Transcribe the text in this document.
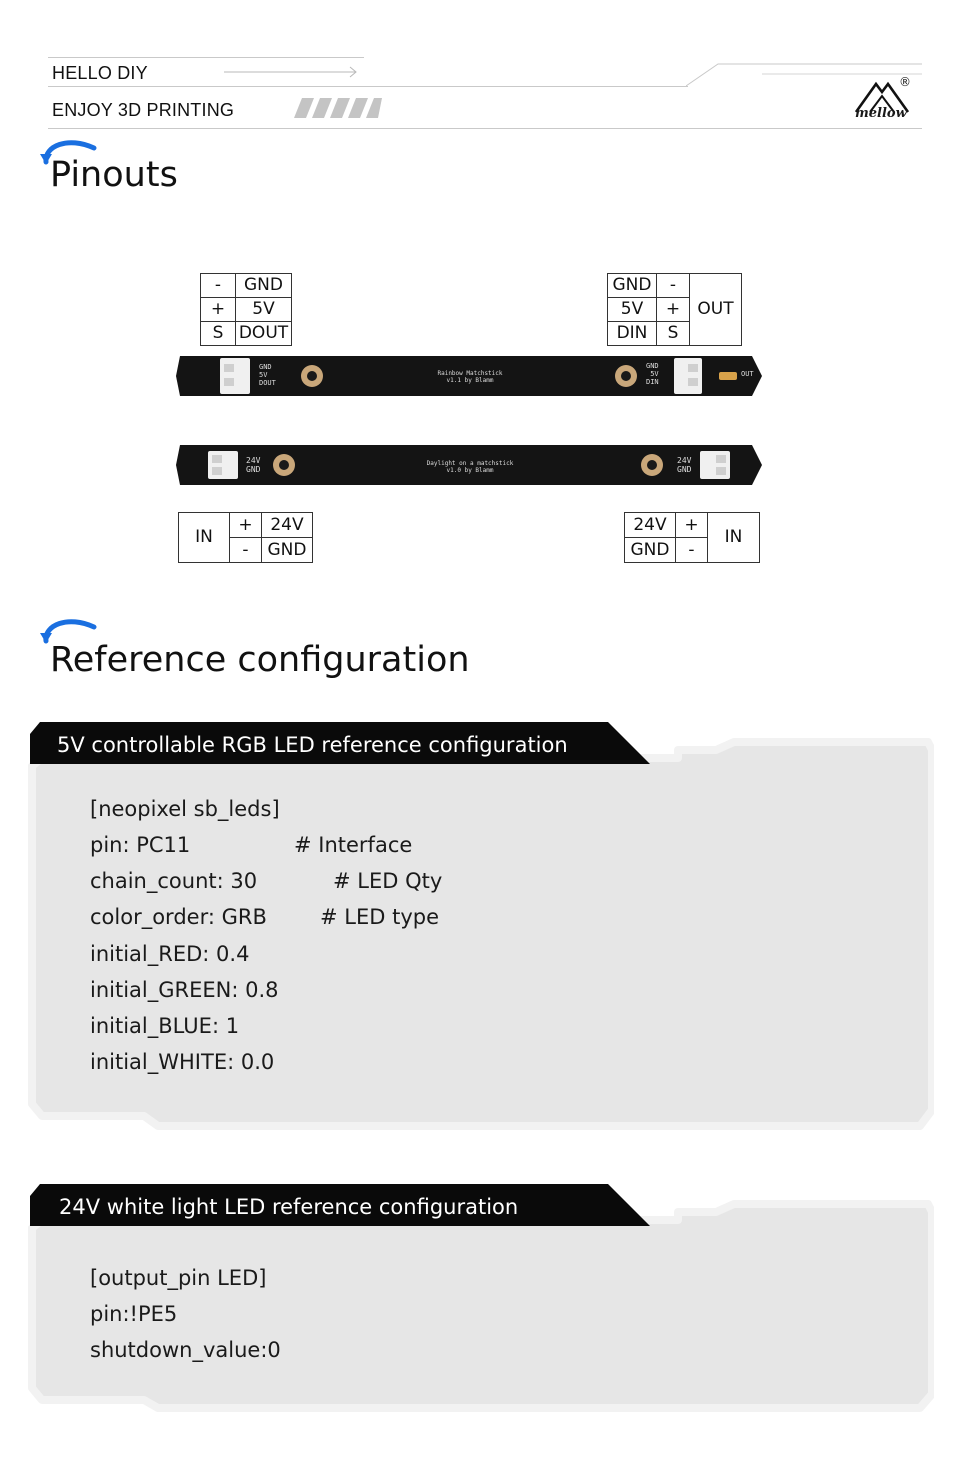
HELLO DIY
ENJOY 3D PRINTING
®
mellow
Pinouts
-	GND
+	5V
S	DOUT
GND	-	OUT
5V	+	
DIN	S	
GND
5V
DOUT
Rainbow Matchstick
v1.1 by Blamm
GND
5V
DIN
OUT
24V
GND
Daylight on a matchstick
v1.0 by Blamm
24V
GND
IN	+	24V
	-	GND
24V	+	IN
GND	-	
Reference configuration
5V controllable RGB LED reference configuration
[neopixel sb_leds]
pin: PC11	# Interface
chain_count: 30	# LED Qty
color_order: GRB	# LED type
initial_RED: 0.4
initial_GREEN: 0.8
initial_BLUE: 1
initial_WHITE: 0.0
24V white light LED reference configuration
[output_pin LED]
pin:!PE5
shutdown_value:0
